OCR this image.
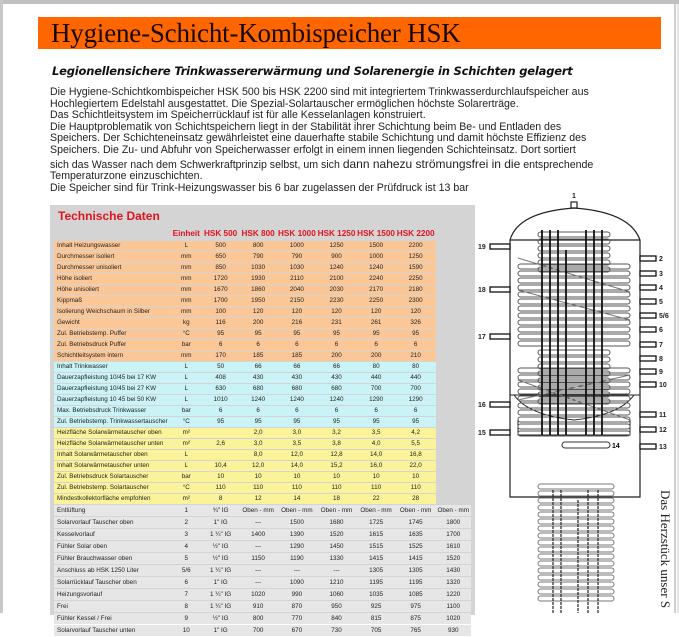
Hygiene-Schicht-Kombispeicher HSK
Legionellensichere Trinkwassererwärmung und Solarenergie in Schichten gelagert

Die Hygiene-Schichtkombispeicher HSK 500 bis HSK 2200 sind mit integriertem Trinkwasserdurchlaufspeicher aus

Hochlegiertem Edelstahl ausgestattet. Die Spezial-Solartauscher ermöglichen höchste Solarerträge.

Das Schichtleitsystem im Speicherrücklauf ist für alle Kesselanlagen konstruiert.

Die Hauptproblematik von Schichtspeichern liegt in der Stabilität ihrer Schichtung beim Be- und Entladen des

Speichers. Der Schichteneinsatz gewährleistet eine dauerhafte stabile Schichtung und damit höchste Effizienz des

Speichers. Die Zu- und Abfuhr von Speicherwasser erfolgt in einem innen liegenden Schichteinsatz. Dort sortiert

sich das Wasser nach dem Schwerkraftprinzip selbst, um sich dann nahezu strömungsfrei in die entsprechende

Temperaturzone einzuschichten.

Die Speicher sind für Trink-Heizungswasser bis 6 bar zugelassen der Prüfdruck ist 13 bar

Technische Daten
	Einheit	HSK 500	HSK 800	HSK 1000	HSK 1250	HSK 1500	HSK 2200	
Inhalt Heizungswasser	L	500	800	1000	1250	1500	2200	
Durchmesser isoliert	mm	650	790	790	900	1000	1250	
Durchmesser unisoliert	mm	850	1030	1030	1240	1240	1590	
Höhe isoliert	mm	1720	1930	2110	2100	2240	2250	
Höhe unisoliert	mm	1670	1860	2040	2030	2170	2180	
Kippmaß	mm	1700	1950	2150	2230	2250	2300	
Isolierung Weichschaum in Silber	mm	100	120	120	120	120	120	
Gewicht	kg	116	200	216	231	261	326	
Zul. Betriebstemp. Puffer	°C	95	95	95	95	95	95	
Zul. Betriebsdruck Puffer	bar	6	6	6	6	6	6	
Schichtleitsystem intern	mm	170	185	185	200	200	210	
Inhalt Trinkwasser	L	50	66	66	66	80	80	
Dauerzapfleistung 10/45 bei 17 KW	L	408	430	430	430	440	440	
Dauerzapfleistung 10/45 bei 27 KW	L	630	680	680	680	700	700	
Dauerzapfleistung 10 45 bei 50 KW	L	1010	1240	1240	1240	1290	1290	
Max. Betriebsdruck Trinkwasser	bar	6	6	6	6	6	6	
Zul. Betriebstemp. Trinkwassertauscher	°C	95	95	95	95	95	95	
Heizfläche Solarwärmetauscher oben	m²		2,0	3,0	3,2	3,5	4,2	
Heizfläche Solarwärmetauscher unten	m²	2,6	3,0	3,5	3,8	4,0	5,5	
Inhalt Solarwärmetauscher oben	L		8,0	12,0	12,8	14,0	16,8	
Inhalt Solarwärmetauscher unten	L	10,4	12,0	14,0	15,2	16,0	22,0	
Zul. Betriebsdruck Solartauscher	bar	10	10	10	10	10	10	
Zul. Betriebstemp. Solartauscher	°C	110	110	110	110	110	110	
Mindestkollektorfläche empfohlen	m²	8	12	14	18	22	28	
Entlüftung	1	¾" IG	Oben - mm	Oben - mm	Oben - mm	Oben - mm	Oben - mm	Oben - mm
Solarvorlauf Tauscher oben	2	1" IG	---	1500	1680	1725	1745	1800
Kesselvorlauf	3	1 ¼" IG	1400	1390	1520	1615	1635	1700
Fühler Solar oben	4	½" IG	---	1290	1450	1515	1525	1610
Fühler Brauchwasser oben	5	½" IG	1150	1190	1330	1415	1415	1520
Anschluss ab HSK 1250 Liter	5/6	1 ¼" IG	---	---	---	1305	1305	1430
Solarrücklauf Tauscher oben	6	1" IG	---	1090	1210	1195	1195	1320
Heizungsvorlauf	7	1 ¼" IG	1020	990	1060	1035	1085	1220
Frei	8	1 ¼" IG	910	870	950	925	975	1100
Fühler Kessel / Frei	9	½" IG	800	770	840	815	875	1020
Solarvorlauf Tauscher unten	10	1" IG	700	670	730	705	765	930
1
19
18
17
16
15
2
3
4
5
5/6
6
7
8
9
10
11
12
13
14
Das Herzstück unser S
